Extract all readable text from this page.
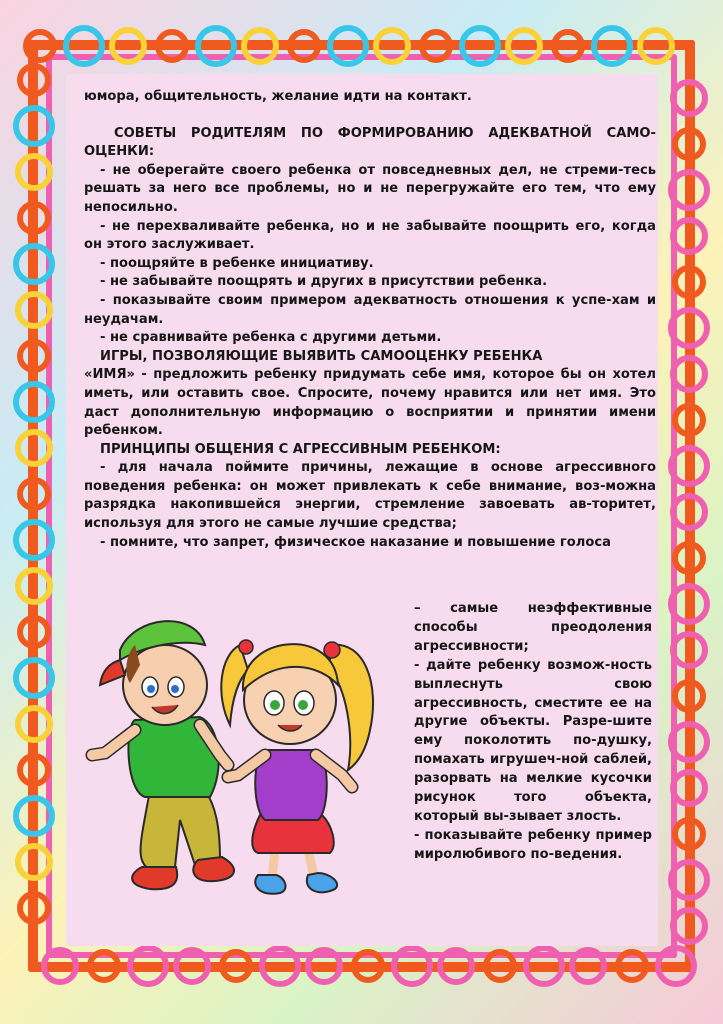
юмора, общительность, желание идти на контакт.

СОВЕТЫ РОДИТЕЛЯМ ПО ФОРМИРОВАНИЮ АДЕКВАТНОЙ САМО-ОЦЕНКИ:

- не оберегайте своего ребенка от повседневных дел, не стреми-тесь решать за него все проблемы, но и не перегружайте его тем, что ему непосильно.

- не перехваливайте ребенка, но и не забывайте поощрить его, когда он этого заслуживает.

- поощряйте в ребенке инициативу.

- не забывайте поощрять и других в присутствии ребенка.

- показывайте своим примером адекватность отношения к успе-хам и неудачам.

- не сравнивайте ребенка с другими детьми.

ИГРЫ, ПОЗВОЛЯЮЩИЕ ВЫЯВИТЬ САМООЦЕНКУ РЕБЕНКА

«ИМЯ» - предложить ребенку придумать себе имя, которое бы он хотел иметь, или оставить свое. Спросите, почему нравится или нет имя. Это даст дополнительную информацию о восприятии и принятии имени ребенком.

ПРИНЦИПЫ ОБЩЕНИЯ С АГРЕССИВНЫМ РЕБЕНКОМ:

- для начала поймите причины, лежащие в основе агрессивного поведения ребенка: он может привлекать к себе внимание, воз-можна разрядка накопившейся энергии, стремление завоевать ав-торитет, используя для этого не самые лучшие средства;

- помните, что запрет, физическое наказание и повышение голоса

– самые неэффективные способы преодоления агрессивности;

- дайте ребенку возмож-ность выплеснуть свою агрессивность, сместите ее на другие объекты. Разре-шите ему поколотить по-душку, помахать игрушеч-ной саблей, разорвать на мелкие кусочки рисунок того объекта, который вы-зывает злость.

- показывайте ребенку пример миролюбивого по-ведения.
